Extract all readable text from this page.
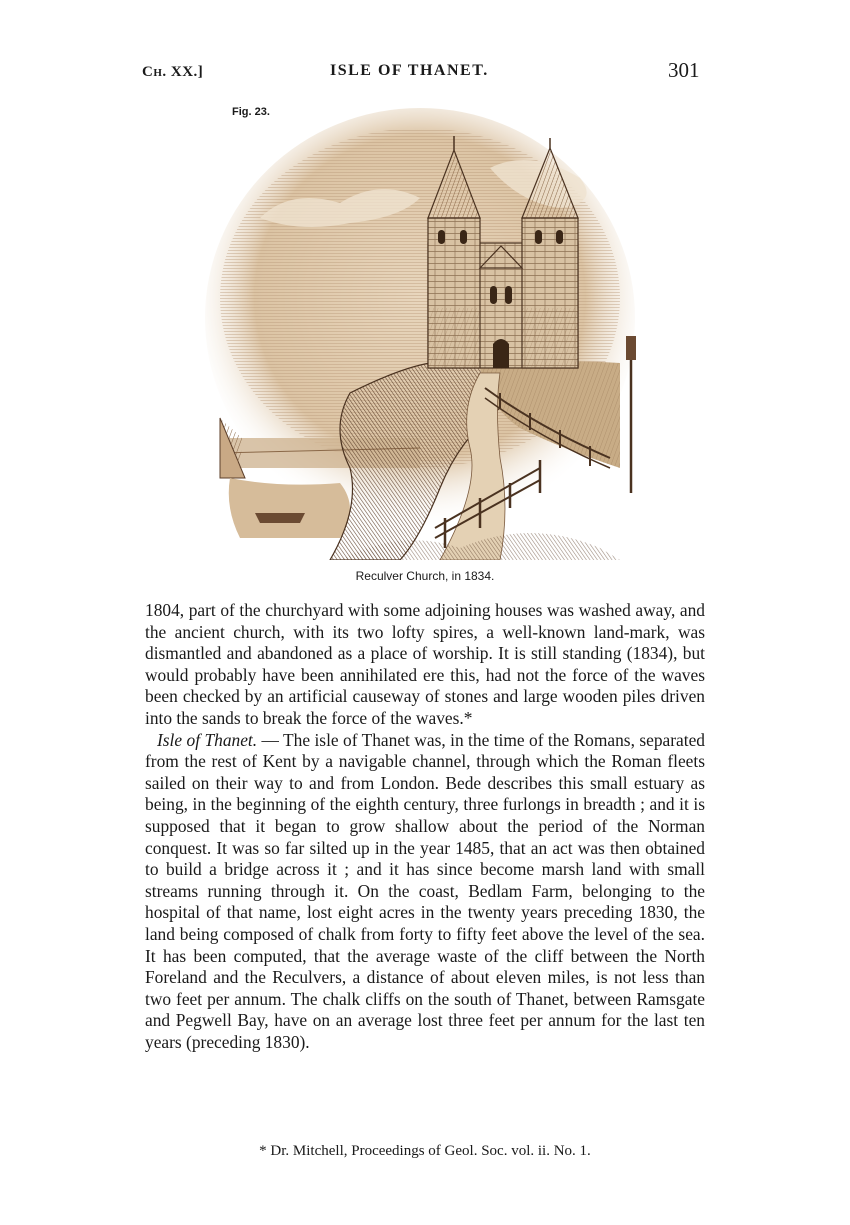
Ch. XX.]	ISLE OF THANET.	301
Fig. 23.
Reculver Church, in 1834.

1804, part of the churchyard with some adjoining houses was washed away, and the ancient church, with its two lofty spires, a well-known land-mark, was dismantled and abandoned as a place of worship. It is still standing (1834), but would probably have been annihilated ere this, had not the force of the waves been checked by an artificial causeway of stones and large wooden piles driven into the sands to break the force of the waves.*

Isle of Thanet. — The isle of Thanet was, in the time of the Romans, separated from the rest of Kent by a navigable channel, through which the Roman fleets sailed on their way to and from London. Bede describes this small estuary as being, in the beginning of the eighth century, three furlongs in breadth ; and it is supposed that it began to grow shallow about the period of the Norman conquest. It was so far silted up in the year 1485, that an act was then obtained to build a bridge across it ; and it has since become marsh land with small streams running through it. On the coast, Bedlam Farm, belonging to the hospital of that name, lost eight acres in the twenty years preceding 1830, the land being composed of chalk from forty to fifty feet above the level of the sea. It has been computed, that the average waste of the cliff between the North Foreland and the Reculvers, a distance of about eleven miles, is not less than two feet per annum. The chalk cliffs on the south of Thanet, between Ramsgate and Pegwell Bay, have on an average lost three feet per annum for the last ten years (preceding 1830).

* Dr. Mitchell, Proceedings of Geol. Soc. vol. ii. No. 1.
